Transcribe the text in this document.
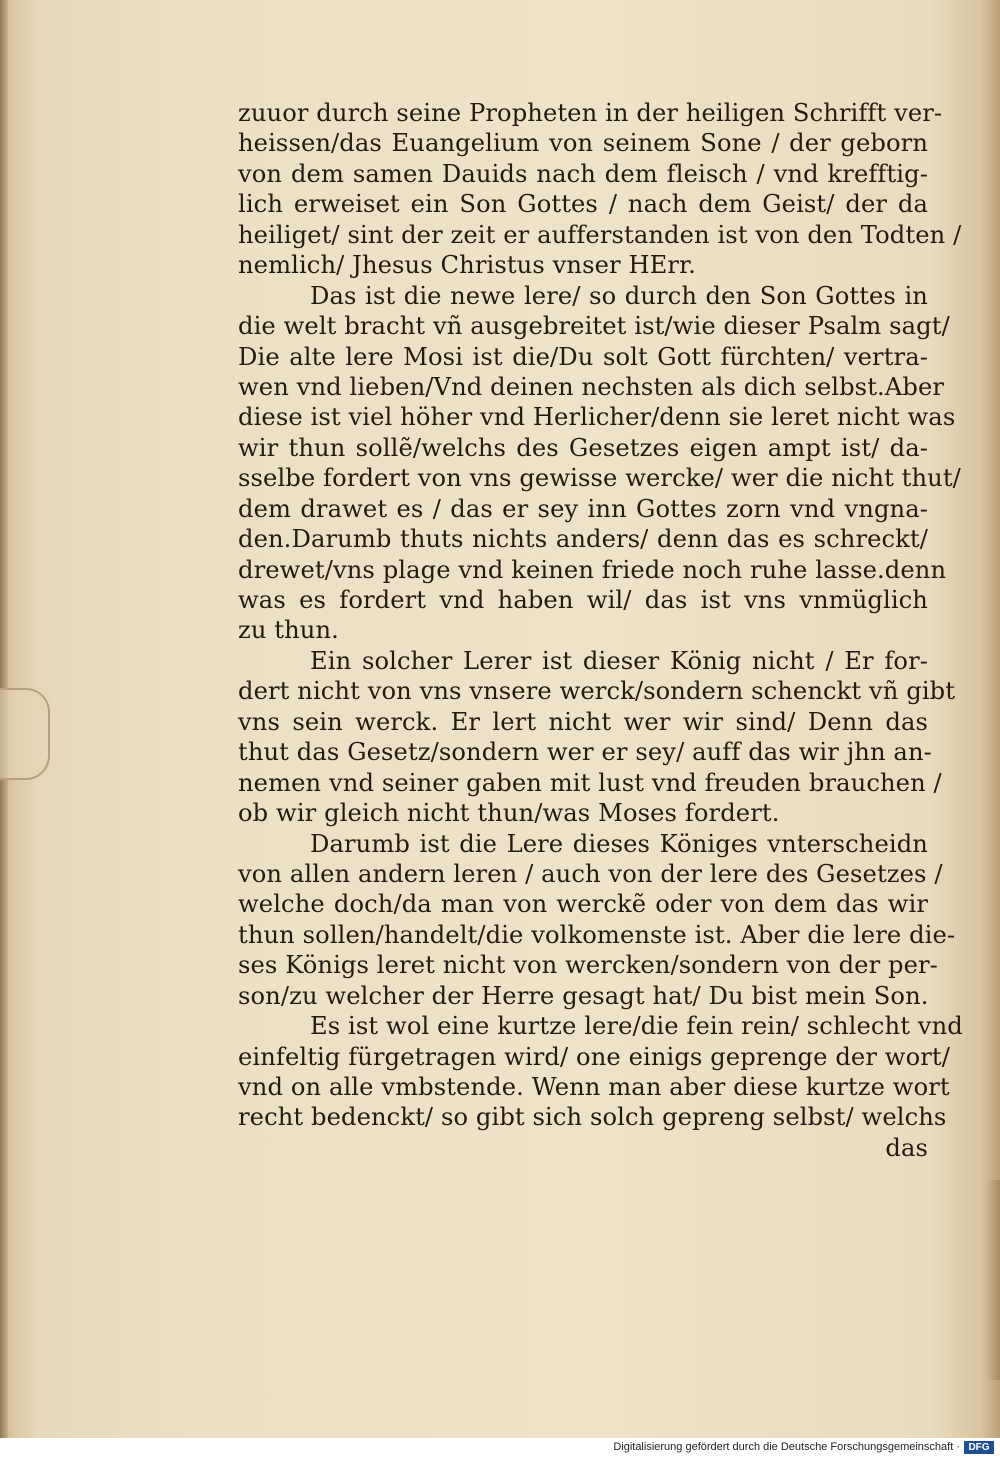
zuuor durch seine Propheten in der heiligen Schrifft ver-
heissen/das Euangelium von seinem Sone / der geborn
von dem samen Dauids nach dem fleisch / vnd krefftig-
lich erweiset ein Son Gottes / nach dem Geist/ der da
heiliget/ sint der zeit er aufferstanden ist von den Todten /
nemlich/ Jhesus Christus vnser HErr.
Das ist die newe lere/ so durch den Son Gottes in
die welt bracht vñ ausgebreitet ist/wie dieser Psalm sagt/
Die alte lere Mosi ist die/Du solt Gott fürchten/ vertra-
wen vnd lieben/Vnd deinen nechsten als dich selbst.Aber
diese ist viel höher vnd Herlicher/denn sie leret nicht was
wir thun sollẽ/welchs des Gesetzes eigen ampt ist/ da-
sselbe fordert von vns gewisse wercke/ wer die nicht thut/
dem drawet es / das er sey inn Gottes zorn vnd vngna-
den.Darumb thuts nichts anders/ denn das es schreckt/
drewet/vns plage vnd keinen friede noch ruhe lasse.denn
was es fordert vnd haben wil/ das ist vns vnmüglich
zu thun.
Ein solcher Lerer ist dieser König nicht / Er for-
dert nicht von vns vnsere werck/sondern schenckt vñ gibt
vns sein werck. Er lert nicht wer wir sind/ Denn das
thut das Gesetz/sondern wer er sey/ auff das wir jhn an-
nemen vnd seiner gaben mit lust vnd freuden brauchen /
ob wir gleich nicht thun/was Moses fordert.
Darumb ist die Lere dieses Königes vnterscheidn
von allen andern leren / auch von der lere des Gesetzes /
welche doch/da man von werckẽ oder von dem das wir
thun sollen/handelt/die volkomenste ist. Aber die lere die-
ses Königs leret nicht von wercken/sondern von der per-
son/zu welcher der Herre gesagt hat/ Du bist mein Son.
Es ist wol eine kurtze lere/die fein rein/ schlecht vnd
einfeltig fürgetragen wird/ one einigs geprenge der wort/
vnd on alle vmbstende. Wenn man aber diese kurtze wort
recht bedenckt/ so gibt sich solch gepreng selbst/ welchs
das
Digitalisierung gefördert durch die Deutsche Forschungsgemeinschaft · DFG
